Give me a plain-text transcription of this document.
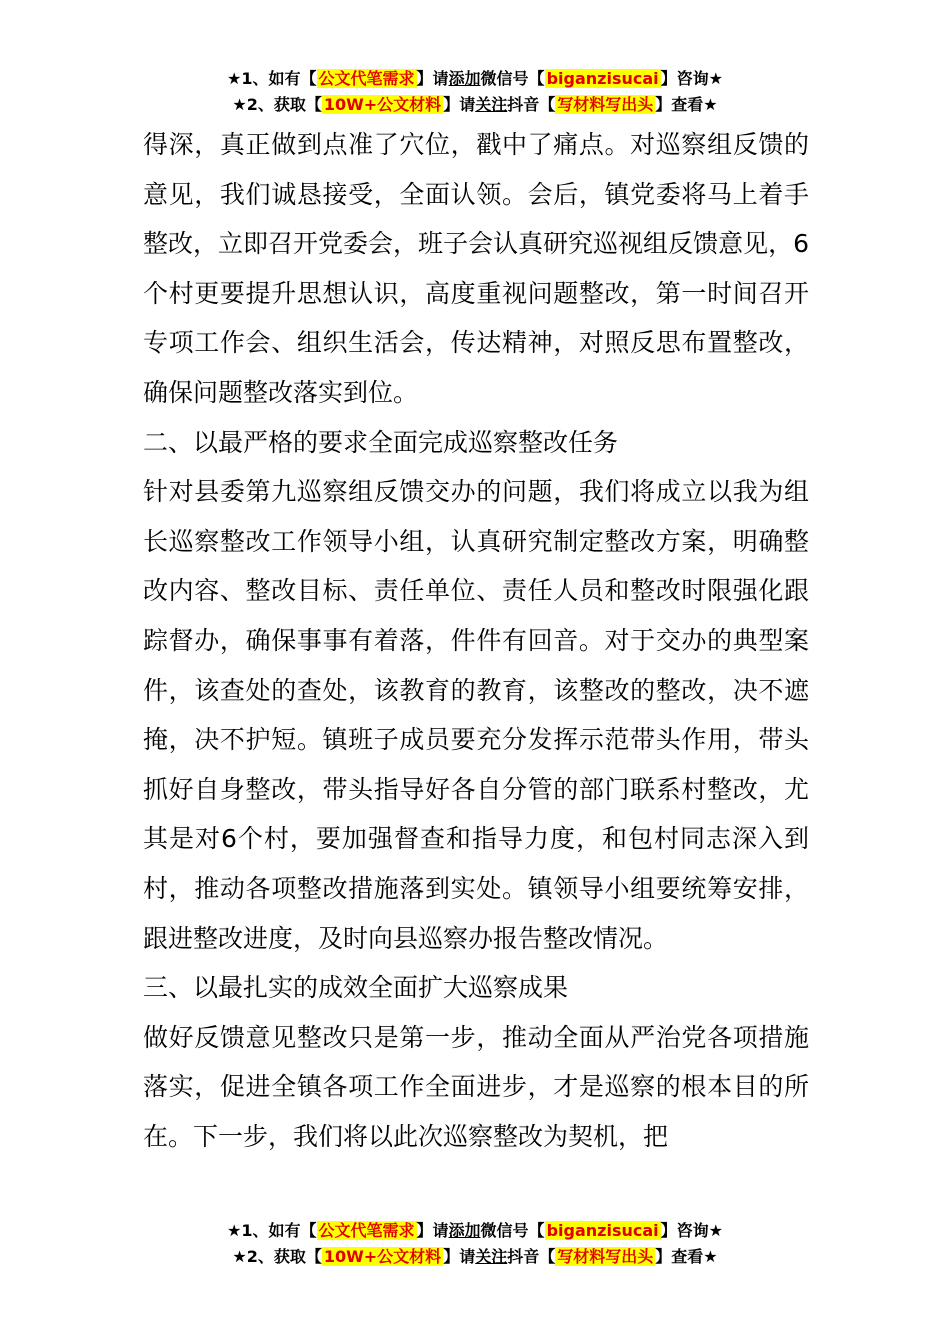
★1、如有【 公文代笔需求 】请添加微信号【 biganzisucai 】咨询★
★2、获取【 10W+公文材料 】请关注抖音【 写材料写出头 】查看★

得深，真正做到点准了穴位，戳中了痛点。对巡察组反馈的意见，我们诚恳接受，全面认领。会后，镇党委将马上着手整改，立即召开党委会，班子会认真研究巡视组反馈意见，6个村更要提升思想认识，高度重视问题整改，第一时间召开专项工作会、组织生活会，传达精神，对照反思布置整改，确保问题整改落实到位。

二、以最严格的要求全面完成巡察整改任务

针对县委第九巡察组反馈交办的问题，我们将成立以我为组长巡察整改工作领导小组，认真研究制定整改方案，明确整改内容、整改目标、责任单位、责任人员和整改时限强化跟踪督办，确保事事有着落，件件有回音。对于交办的典型案件，该查处的查处，该教育的教育，该整改的整改，决不遮掩，决不护短。镇班子成员要充分发挥示范带头作用，带头抓好自身整改，带头指导好各自分管的部门联系村整改，尤其是对6个村，要加强督查和指导力度，和包村同志深入到村，推动各项整改措施落到实处。镇领导小组要统筹安排，跟进整改进度，及时向县巡察办报告整改情况。

三、以最扎实的成效全面扩大巡察成果

做好反馈意见整改只是第一步，推动全面从严治党各项措施落实，促进全镇各项工作全面进步，才是巡察的根本目的所在。下一步，我们将以此次巡察整改为契机，把

★1、如有【 公文代笔需求 】请添加微信号【 biganzisucai 】咨询★
★2、获取【 10W+公文材料 】请关注抖音【 写材料写出头 】查看★
